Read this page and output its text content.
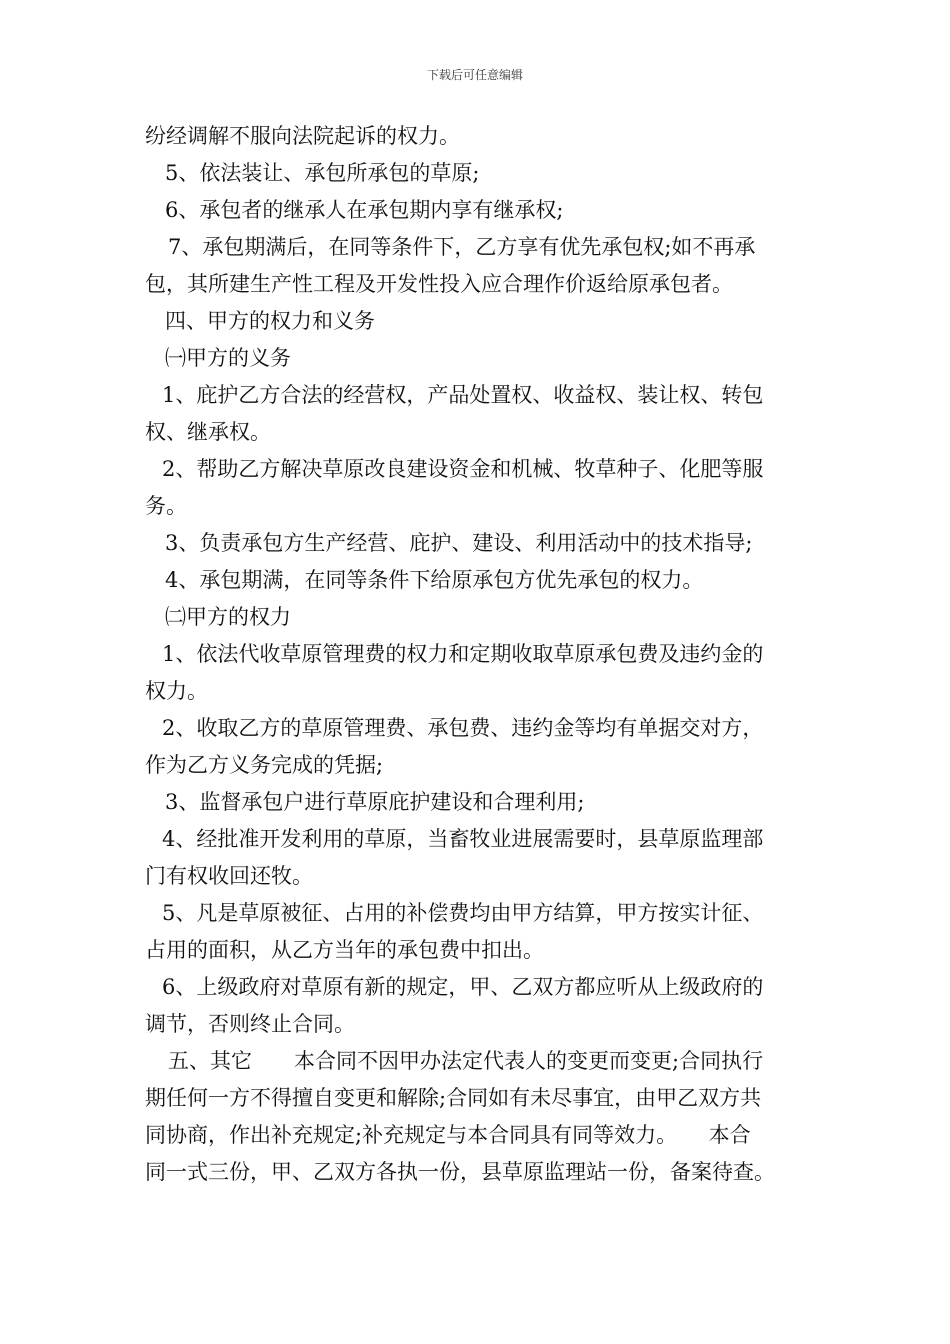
下载后可任意编辑
纷经调解不服向法院起诉的权力。
5、依法装让、承包所承包的草原;
6、承包者的继承人在承包期内享有继承权;
7、承包期满后，在同等条件下，乙方享有优先承包权;如不再承
包，其所建生产性工程及开发性投入应合理作价返给原承包者。
四、甲方的权力和义务
㈠甲方的义务
1、庇护乙方合法的经营权，产品处置权、收益权、装让权、转包
权、继承权。
2、帮助乙方解决草原改良建设资金和机械、牧草种子、化肥等服
务。
3、负责承包方生产经营、庇护、建设、利用活动中的技术指导;
4、承包期满，在同等条件下给原承包方优先承包的权力。
㈡甲方的权力
1、依法代收草原管理费的权力和定期收取草原承包费及违约金的
权力。
2、收取乙方的草原管理费、承包费、违约金等均有单据交对方，
作为乙方义务完成的凭据;
3、监督承包户进行草原庇护建设和合理利用;
4、经批准开发利用的草原，当畜牧业进展需要时，县草原监理部
门有权收回还牧。
5、凡是草原被征、占用的补偿费均由甲方结算，甲方按实计征、
占用的面积，从乙方当年的承包费中扣出。
6、上级政府对草原有新的规定，甲、乙双方都应听从上级政府的
调节，否则终止合同。
五、其它　　本合同不因甲办法定代表人的变更而变更;合同执行
期任何一方不得擅自变更和解除;合同如有未尽事宜，由甲乙双方共
同协商，作出补充规定;补充规定与本合同具有同等效力。　　本合
同一式三份，甲、乙双方各执一份，县草原监理站一份，备案待查。
